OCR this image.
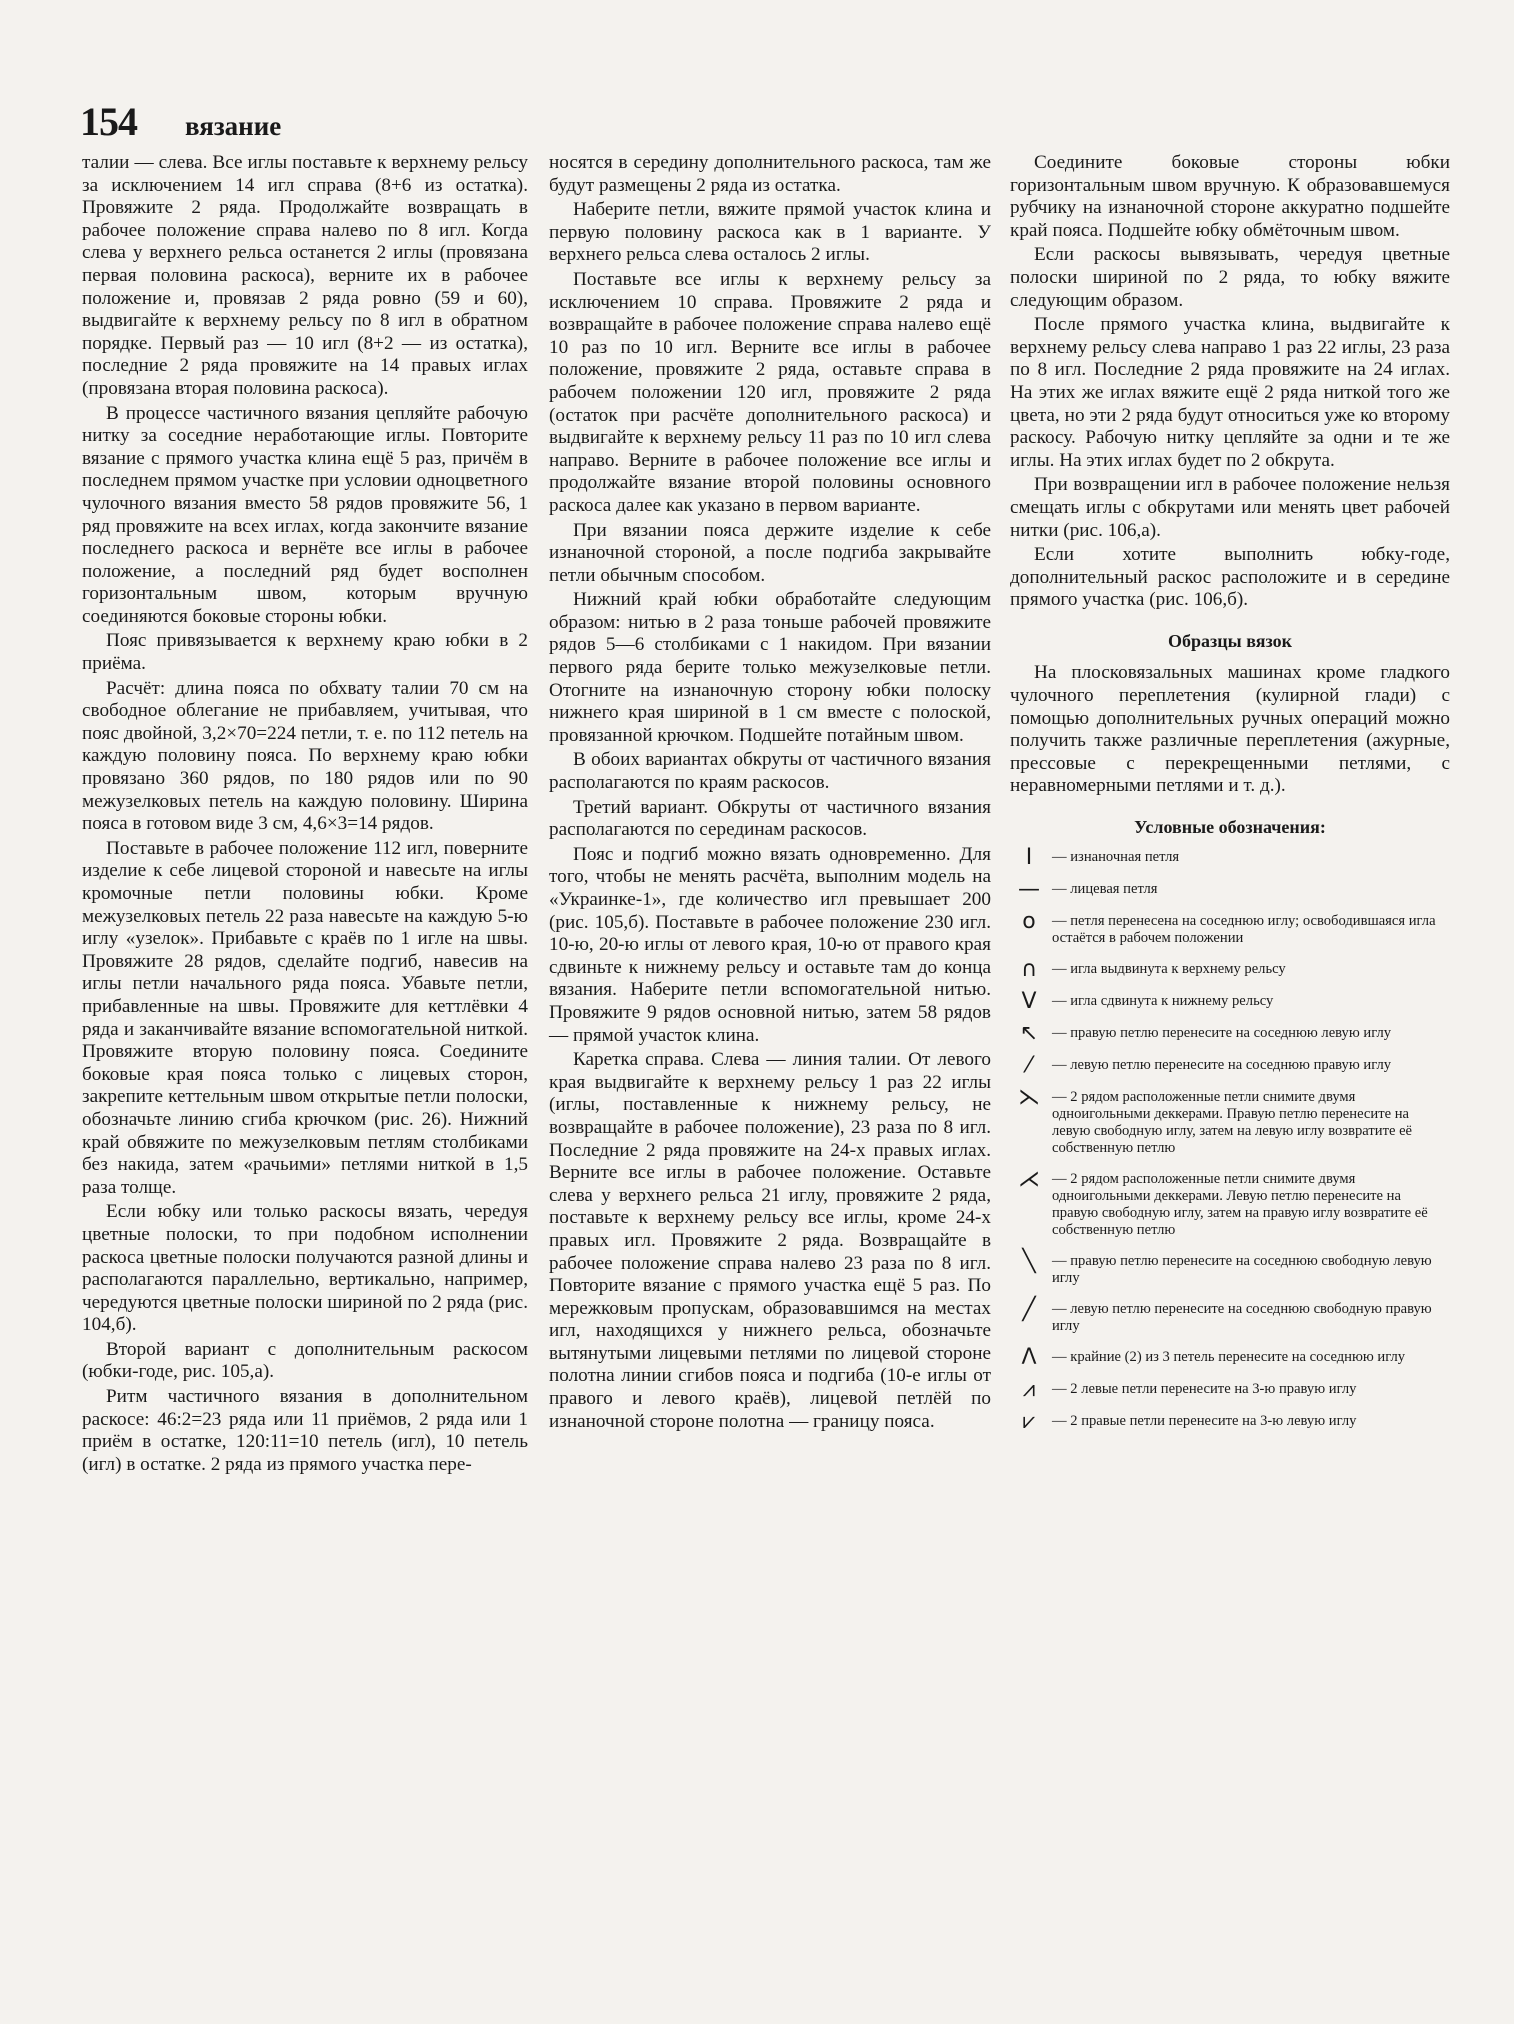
154 вязание

талии — слева. Все иглы поставьте к верхнему рельсу за исключением 14 игл справа (8+6 из остатка). Провяжите 2 ряда. Продолжайте возвращать в рабочее положение справа налево по 8 игл. Когда слева у верхнего рельса останется 2 иглы (провязана первая половина раскоса), верните их в рабочее положение и, провязав 2 ряда ровно (59 и 60), выдвигайте к верхнему рельсу по 8 игл в обратном порядке. Первый раз — 10 игл (8+2 — из остатка), последние 2 ряда провяжите на 14 правых иглах (провязана вторая половина раскоса).

В процессе частичного вязания цепляйте рабочую нитку за соседние неработающие иглы. Повторите вязание с прямого участка клина ещё 5 раз, причём в последнем прямом участке при условии одноцветного чулочного вязания вместо 58 рядов провяжите 56, 1 ряд провяжите на всех иглах, когда закончите вязание последнего раскоса и вернёте все иглы в рабочее положение, а последний ряд будет восполнен горизонтальным швом, которым вручную соединяются боковые стороны юбки.

Пояс привязывается к верхнему краю юбки в 2 приёма.

Расчёт: длина пояса по обхвату талии 70 см на свободное облегание не прибавляем, учитывая, что пояс двойной, 3,2×70=224 петли, т. е. по 112 петель на каждую половину пояса. По верхнему краю юбки провязано 360 рядов, по 180 рядов или по 90 межузелковых петель на каждую половину. Ширина пояса в готовом виде 3 см, 4,6×3=14 рядов.

Поставьте в рабочее положение 112 игл, поверните изделие к себе лицевой стороной и навесьте на иглы кромочные петли половины юбки. Кроме межузелковых петель 22 раза навесьте на каждую 5-ю иглу «узелок». Прибавьте с краёв по 1 игле на швы. Провяжите 28 рядов, сделайте подгиб, навесив на иглы петли начального ряда пояса. Убавьте петли, прибавленные на швы. Провяжите для кеттлёвки 4 ряда и заканчивайте вязание вспомогательной ниткой. Провяжите вторую половину пояса. Соедините боковые края пояса только с лицевых сторон, закрепите кеттельным швом открытые петли полоски, обозначьте линию сгиба крючком (рис. 26). Нижний край обвяжите по межузелковым петлям столбиками без накида, затем «рачьими» петлями ниткой в 1,5 раза толще.

Если юбку или только раскосы вязать, чередуя цветные полоски, то при подобном исполнении раскоса цветные полоски получаются разной длины и располагаются параллельно, вертикально, например, чередуются цветные полоски шириной по 2 ряда (рис. 104,б).

Второй вариант с дополнительным раскосом (юбки-годе, рис. 105,а).

Ритм частичного вязания в дополнительном раскосе: 46:2=23 ряда или 11 приёмов, 2 ряда или 1 приём в остатке, 120:11=10 петель (игл), 10 петель (игл) в остатке. 2 ряда из прямого участка пере-

носятся в середину дополнительного раскоса, там же будут размещены 2 ряда из остатка.

Наберите петли, вяжите прямой участок клина и первую половину раскоса как в 1 варианте. У верхнего рельса слева осталось 2 иглы.

Поставьте все иглы к верхнему рельсу за исключением 10 справа. Провяжите 2 ряда и возвращайте в рабочее положение справа налево ещё 10 раз по 10 игл. Верните все иглы в рабочее положение, провяжите 2 ряда, оставьте справа в рабочем положении 120 игл, провяжите 2 ряда (остаток при расчёте дополнительного раскоса) и выдвигайте к верхнему рельсу 11 раз по 10 игл слева направо. Верните в рабочее положение все иглы и продолжайте вязание второй половины основного раскоса далее как указано в первом варианте.

При вязании пояса держите изделие к себе изнаночной стороной, а после подгиба закрывайте петли обычным способом.

Нижний край юбки обработайте следующим образом: нитью в 2 раза тоньше рабочей провяжите рядов 5—6 столбиками с 1 накидом. При вязании первого ряда берите только межузелковые петли. Отогните на изнаночную сторону юбки полоску нижнего края шириной в 1 см вместе с полоской, провязанной крючком. Подшейте потайным швом.

В обоих вариантах обкруты от частичного вязания располагаются по краям раскосов.

Третий вариант. Обкруты от частичного вязания располагаются по серединам раскосов.

Пояс и подгиб можно вязать одновременно. Для того, чтобы не менять расчёта, выполним модель на «Украинке-1», где количество игл превышает 200 (рис. 105,б). Поставьте в рабочее положение 230 игл. 10-ю, 20-ю иглы от левого края, 10-ю от правого края сдвиньте к нижнему рельсу и оставьте там до конца вязания. Наберите петли вспомогательной нитью. Провяжите 9 рядов основной нитью, затем 58 рядов — прямой участок клина.

Каретка справа. Слева — линия талии. От левого края выдвигайте к верхнему рельсу 1 раз 22 иглы (иглы, поставленные к нижнему рельсу, не возвращайте в рабочее положение), 23 раза по 8 игл. Последние 2 ряда провяжите на 24-х правых иглах. Верните все иглы в рабочее положение. Оставьте слева у верхнего рельса 21 иглу, провяжите 2 ряда, поставьте к верхнему рельсу все иглы, кроме 24-х правых игл. Провяжите 2 ряда. Возвращайте в рабочее положение справа налево 23 раза по 8 игл. Повторите вязание с прямого участка ещё 5 раз. По мережковым пропускам, образовавшимся на местах игл, находящихся у нижнего рельса, обозначьте вытянутыми лицевыми петлями по лицевой стороне полотна линии сгибов пояса и подгиба (10-е иглы от правого и левого краёв), лицевой петлёй по изнаночной стороне полотна — границу пояса.

Соедините боковые стороны юбки горизонтальным швом вручную. К образовавшемуся рубчику на изнаночной стороне аккуратно подшейте край пояса. Подшейте юбку обмёточным швом.

Если раскосы вывязывать, чередуя цветные полоски шириной по 2 ряда, то юбку вяжите следующим образом.

После прямого участка клина, выдвигайте к верхнему рельсу слева направо 1 раз 22 иглы, 23 раза по 8 игл. Последние 2 ряда провяжите на 24 иглах. На этих же иглах вяжите ещё 2 ряда ниткой того же цвета, но эти 2 ряда будут относиться уже ко второму раскосу. Рабочую нитку цепляйте за одни и те же иглы. На этих иглах будет по 2 обкрута.

При возвращении игл в рабочее положение нельзя смещать иглы с обкрутами или менять цвет рабочей нитки (рис. 106,а).

Если хотите выполнить юбку-годе, дополнительный раскос расположите и в середине прямого участка (рис. 106,б).

Образцы вязок

На плосковязальных машинах кроме гладкого чулочного переплетения (кулирной глади) с помощью дополнительных ручных операций можно получить также различные переплетения (ажурные, прессовые с перекрещенными петлями, с неравномерными петлями и т. д.).

Условные обозначения:
I	— изнаночная петля
— — лицевая петля
o	— петля перенесена на соседнюю иглу; освободившаяся игла остаётся в рабочем положении
∩	— игла выдвинута к верхнему рельсу
V	— игла сдвинута к нижнему рельсу
↖ — правую петлю перенесите на соседнюю левую иглу
⁄	— левую петлю перенесите на соседнюю правую иглу
⋋ — 2 рядом расположенные петли снимите двумя одноигольными деккерами. Правую петлю перенесите на левую свободную иглу, затем на левую иглу возвратите её собственную петлю
⋌ — 2 рядом расположенные петли снимите двумя одноигольными деккерами. Левую петлю перенесите на правую свободную иглу, затем на правую иглу возвратите её собственную петлю
╲	— правую петлю перенесите на соседнюю свободную левую иглу
╱	— левую петлю перенесите на соседнюю свободную правую иглу
Λ	— крайние (2) из 3 петель перенесите на соседнюю иглу
⩘	— 2 левые петли перенесите на 3-ю правую иглу
⩗	— 2 правые петли перенесите на 3-ю левую иглу
